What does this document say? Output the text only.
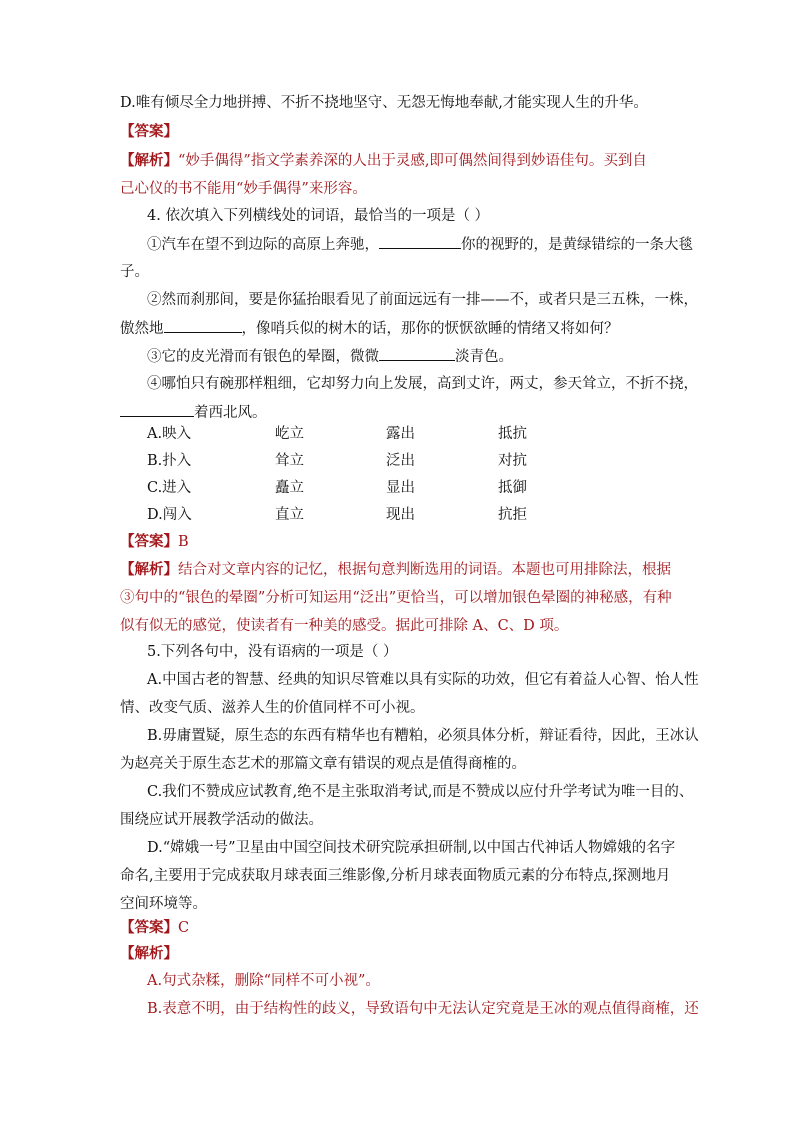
D.唯有倾尽全力地拼搏、不折不挠地坚守、无怨无悔地奉献,才能实现人生的升华。
【答案】
【解析】“妙手偶得”指文学素养深的人出于灵感,即可偶然间得到妙语佳句。买到自
己心仪的书不能用“妙手偶得”来形容。
4. 依次填入下列横线处的词语，最恰当的一项是（ ）
①汽车在望不到边际的高原上奔驰，	你的视野的，是黄绿错综的一条大毯
子。
②然而刹那间，要是你猛抬眼看见了前面远远有一排——不，或者只是三五株，一株，
傲然地	，像哨兵似的树木的话，那你的恹恹欲睡的情绪又将如何？
③它的皮光滑而有银色的晕圈，微微	淡青色。
④哪怕只有碗那样粗细，它却努力向上发展，高到丈许，两丈，参天耸立，不折不挠，
着西北风。
A.映入	屹立	露出	抵抗
B.扑入	耸立	泛出	对抗
C.进入	矗立	显出	抵御
D.闯入	直立	现出	抗拒
【答案】B
【解析】结合对文章内容的记忆，根据句意判断选用的词语。本题也可用排除法，根据
③句中的“银色的晕圈”分析可知运用“泛出”更恰当，可以增加银色晕圈的神秘感，有种
似有似无的感觉，使读者有一种美的感受。据此可排除 A、C、D 项。
5.下列各句中，没有语病的一项是（ ）
A.中国古老的智慧、经典的知识尽管难以具有实际的功效，但它有着益人心智、怡人性
情、改变气质、滋养人生的价值同样不可小视。
B.毋庸置疑，原生态的东西有精华也有糟粕，必须具体分析，辩证看待，因此，王冰认
为赵亮关于原生态艺术的那篇文章有错误的观点是值得商榷的。
C.我们不赞成应试教育,绝不是主张取消考试,而是不赞成以应付升学考试为唯一目的、
围绕应试开展教学活动的做法。
D.“嫦娥一号”卫星由中国空间技术研究院承担研制,以中国古代神话人物嫦娥的名字
命名,主要用于完成获取月球表面三维影像,分析月球表面物质元素的分布特点,探测地月
空间环境等。
【答案】C
【解析】
A.句式杂糅，删除“同样不可小视”。
B.表意不明，由于结构性的歧义，导致语句中无法认定究竟是王冰的观点值得商榷，还
